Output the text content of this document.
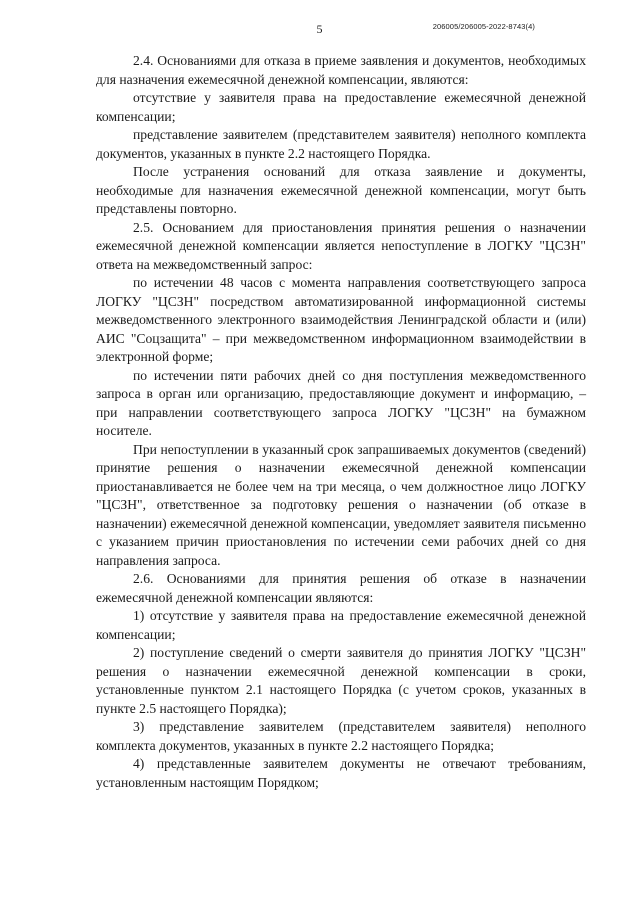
5	206005/206005-2022-8743(4)

2.4. Основаниями для отказа в приеме заявления и документов, необходимых для назначения ежемесячной денежной компенсации, являются:

отсутствие у заявителя права на предоставление ежемесячной денежной компенсации;

представление заявителем (представителем заявителя) неполного комплекта документов, указанных в пункте 2.2 настоящего Порядка.

После устранения оснований для отказа заявление и документы, необходимые для назначения ежемесячной денежной компенсации, могут быть представлены повторно.

2.5. Основанием для приостановления принятия решения о назначении ежемесячной денежной компенсации является непоступление в ЛОГКУ "ЦСЗН" ответа на межведомственный запрос:

по истечении 48 часов с момента направления соответствующего запроса ЛОГКУ "ЦСЗН" посредством автоматизированной информационной системы межведомственного электронного взаимодействия Ленинградской области и (или) АИС "Соцзащита" – при межведомственном информационном взаимодействии в электронной форме;

по истечении пяти рабочих дней со дня поступления межведомственного запроса в орган или организацию, предоставляющие документ и информацию, – при направлении соответствующего запроса ЛОГКУ "ЦСЗН" на бумажном носителе.

При непоступлении в указанный срок запрашиваемых документов (сведений) принятие решения о назначении ежемесячной денежной компенсации приостанавливается не более чем на три месяца, о чем должностное лицо ЛОГКУ "ЦСЗН", ответственное за подготовку решения о назначении (об отказе в назначении) ежемесячной денежной компенсации, уведомляет заявителя письменно с указанием причин приостановления по истечении семи рабочих дней со дня направления запроса.

2.6. Основаниями для принятия решения об отказе в назначении ежемесячной денежной компенсации являются:

1) отсутствие у заявителя права на предоставление ежемесячной денежной компенсации;

2) поступление сведений о смерти заявителя до принятия ЛОГКУ "ЦСЗН" решения о назначении ежемесячной денежной компенсации в сроки, установленные пунктом 2.1 настоящего Порядка (с учетом сроков, указанных в пункте 2.5 настоящего Порядка);

3) представление заявителем (представителем заявителя) неполного комплекта документов, указанных в пункте 2.2 настоящего Порядка;

4) представленные заявителем документы не отвечают требованиям, установленным настоящим Порядком;
